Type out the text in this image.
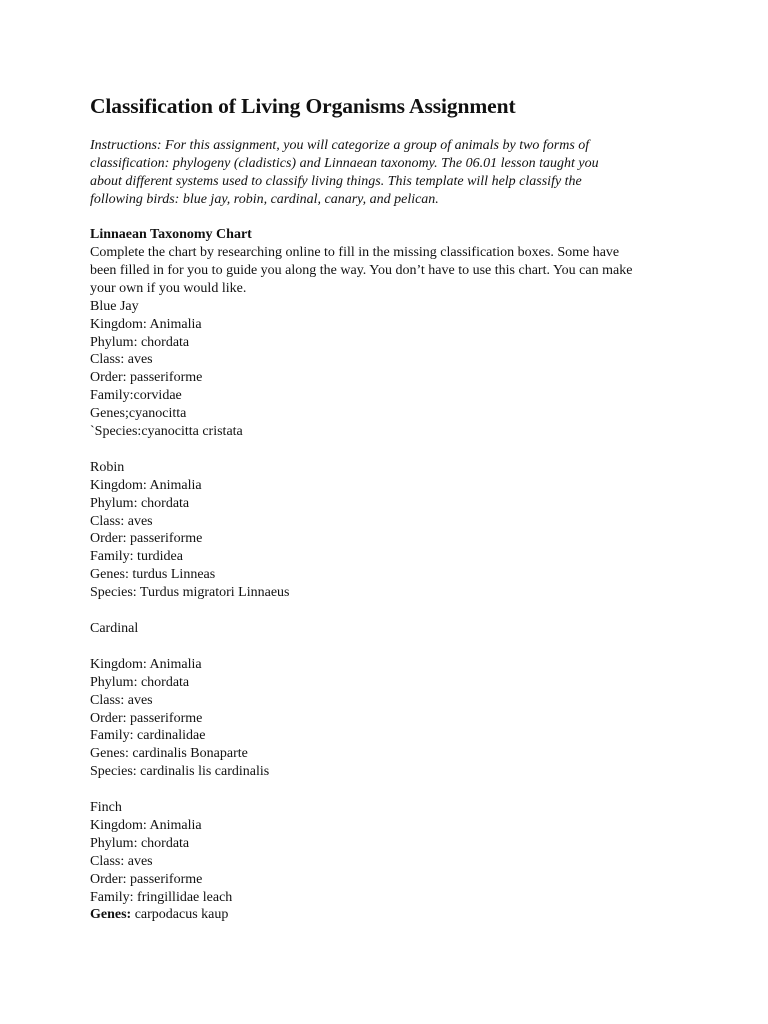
Classification of Living Organisms Assignment
Instructions: For this assignment, you will categorize a group of animals by two forms of
classification: phylogeny (cladistics) and Linnaean taxonomy. The 06.01 lesson taught you
about different systems used to classify living things. This template will help classify the
following birds: blue jay, robin, cardinal, canary, and pelican.
Linnaean Taxonomy Chart
Complete the chart by researching online to fill in the missing classification boxes. Some have
been filled in for you to guide you along the way. You don’t have to use this chart. You can make
your own if you would like.
Blue Jay
Kingdom: Animalia
Phylum: chordata
Class: aves
Order: passeriforme
Family:corvidae
Genes;cyanocitta
`Species:cyanocitta cristata
Robin
Kingdom: Animalia
Phylum: chordata
Class: aves
Order: passeriforme
Family: turdidea
Genes: turdus Linneas
Species: Turdus migratori Linnaeus
Cardinal
Kingdom: Animalia
Phylum: chordata
Class: aves
Order: passeriforme
Family: cardinalidae
Genes: cardinalis Bonaparte
Species: cardinalis lis cardinalis
Finch
Kingdom: Animalia
Phylum: chordata
Class: aves
Order: passeriforme
Family: fringillidae leach
Genes: carpodacus kaup
